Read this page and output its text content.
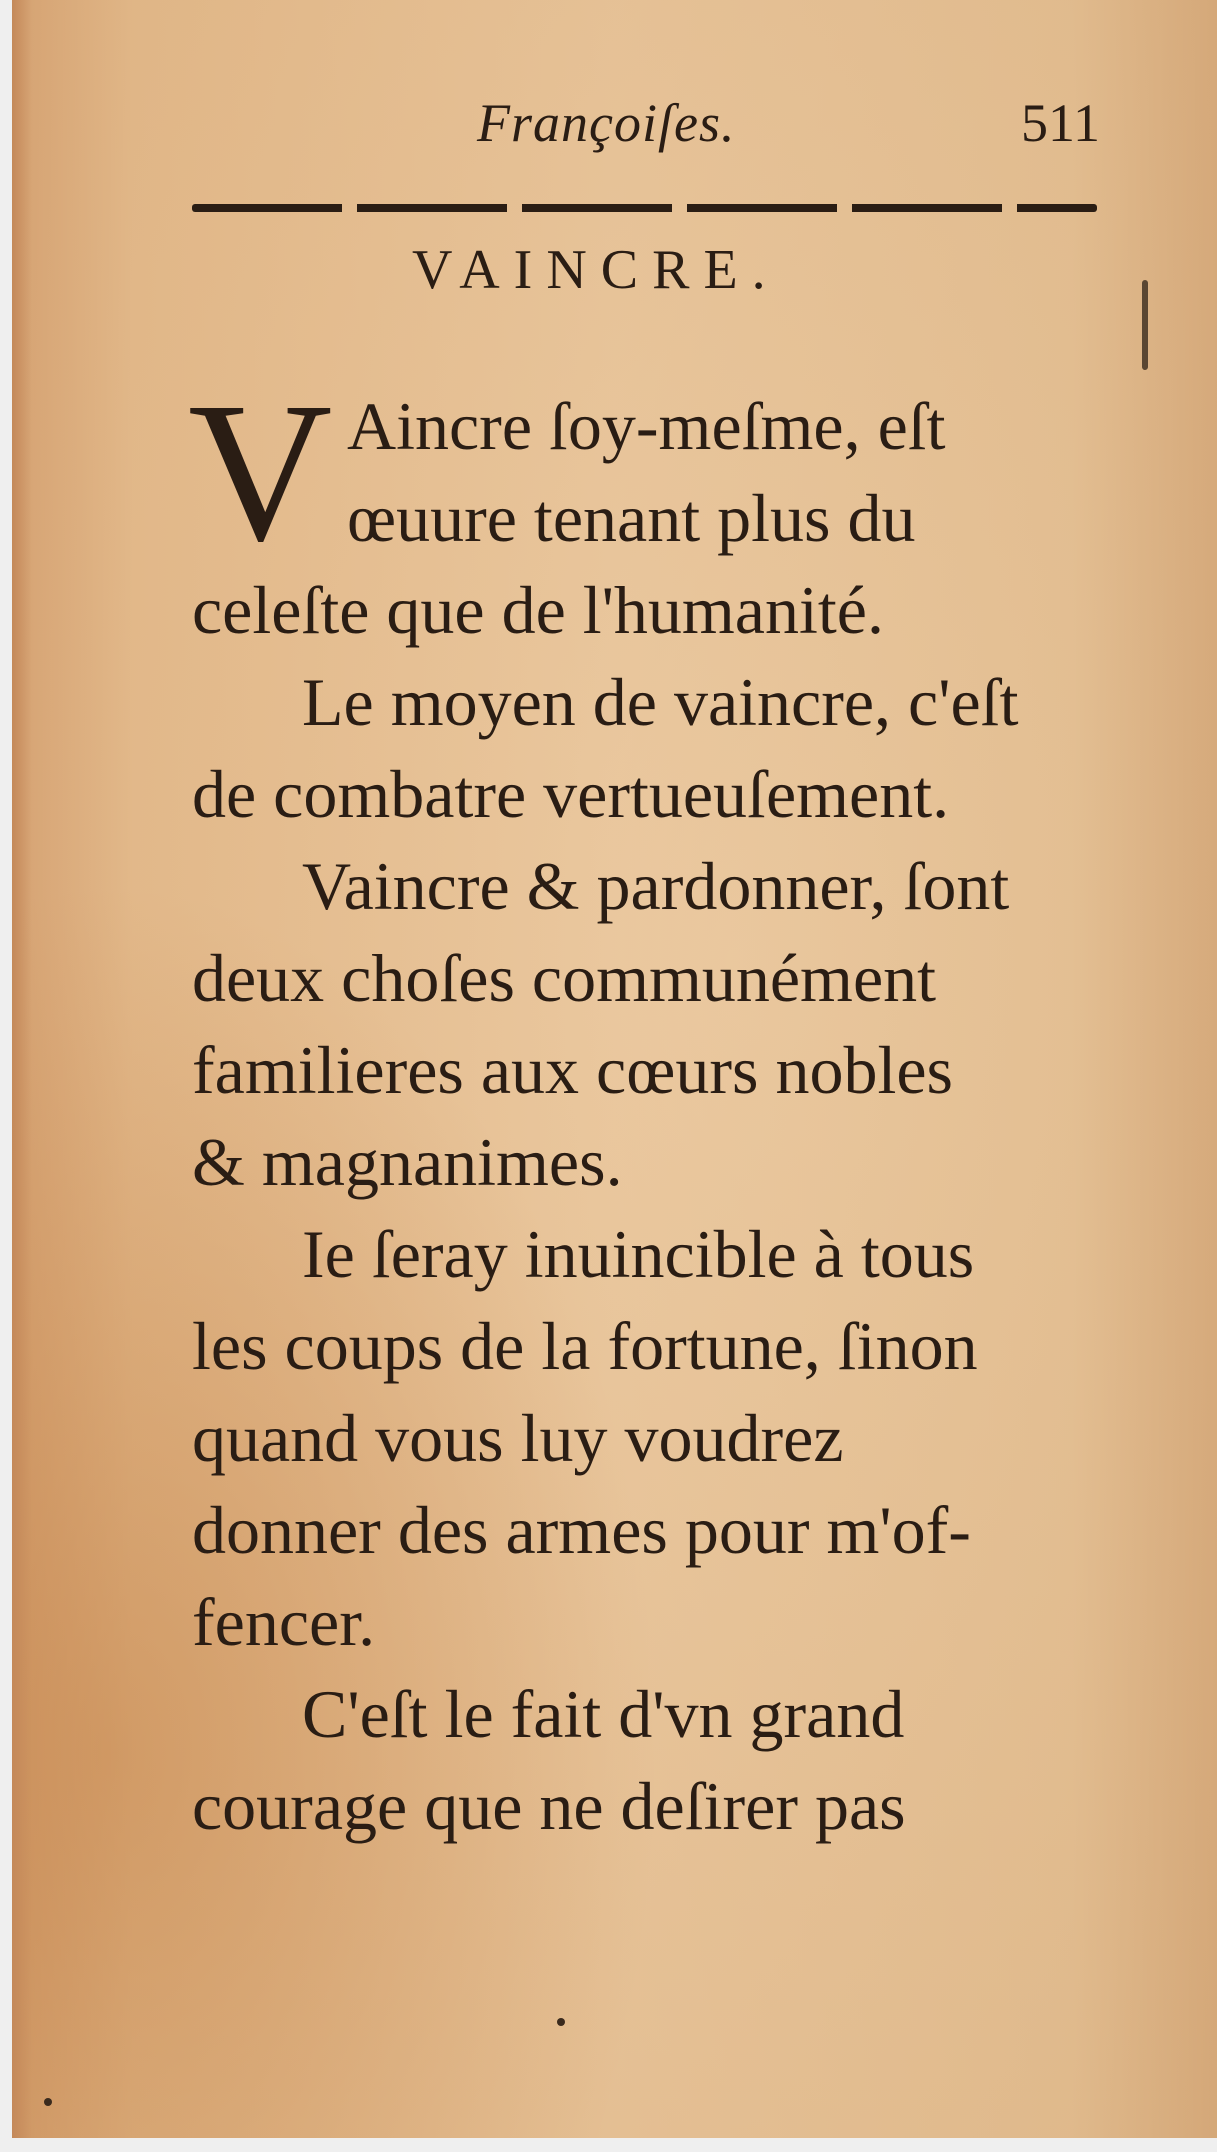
Françoiſes.	511
VAINCRE.
V Aincre ſoy-meſme, eſt
œuure tenant plus du
celeſte que de l'humanité.
Le moyen de vaincre, c'eſt
de combatre vertueuſement.
Vaincre & pardonner, ſont
deux choſes communément
familieres aux cœurs nobles
& magnanimes.
Ie ſeray inuincible à tous
les coups de la fortune, ſinon
quand vous luy voudrez
donner des armes pour m'of-
fencer.
C'eſt le fait d'vn grand
courage que ne deſirer pas
